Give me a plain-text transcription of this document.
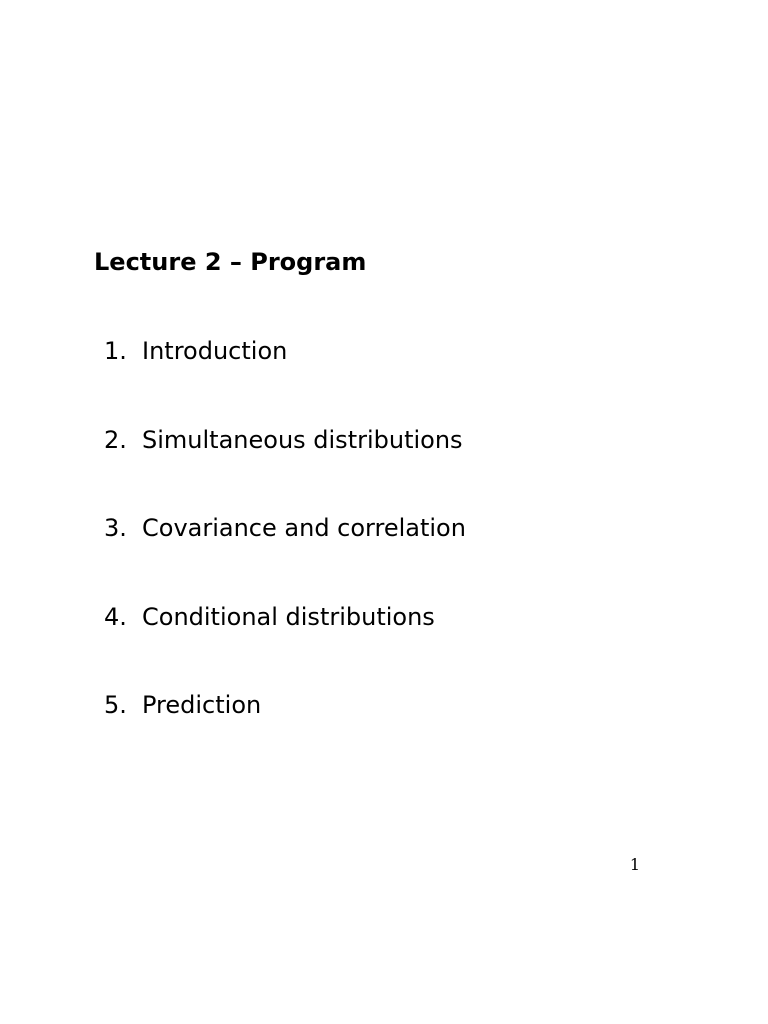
Lecture 2 – Program
1. Introduction
2. Simultaneous distributions
3. Covariance and correlation
4. Conditional distributions
5. Prediction
1
